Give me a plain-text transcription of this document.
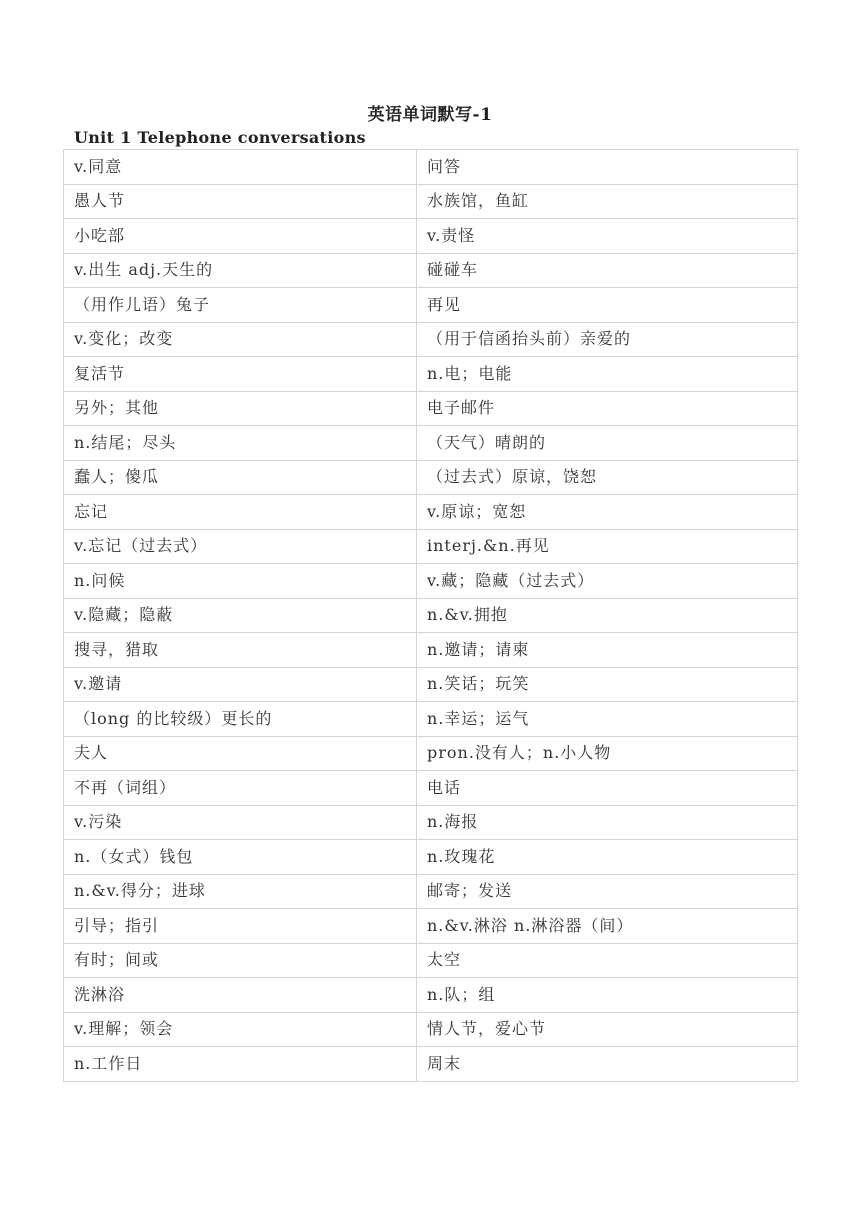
英语单词默写-1
Unit 1 Telephone conversations
v.同意	问答
愚人节	水族馆，鱼缸
小吃部	v.责怪
v.出生 adj.天生的	碰碰车
（用作儿语）兔子	再见
v.变化；改变	（用于信函抬头前）亲爱的
复活节	n.电；电能
另外；其他	电子邮件
n.结尾；尽头	（天气）晴朗的
蠢人；傻瓜	（过去式）原谅，饶恕
忘记	v.原谅；宽恕
v.忘记（过去式）	interj.&n.再见
n.问候	v.藏；隐藏（过去式）
v.隐藏；隐蔽	n.&v.拥抱
搜寻，猎取	n.邀请；请柬
v.邀请	n.笑话；玩笑
（long 的比较级）更长的	n.幸运；运气
夫人	pron.没有人；n.小人物
不再（词组）	电话
v.污染	n.海报
n.（女式）钱包	n.玫瑰花
n.&v.得分；进球	邮寄；发送
引导；指引	n.&v.淋浴 n.淋浴器（间）
有时；间或	太空
洗淋浴	n.队；组
v.理解；领会	情人节，爱心节
n.工作日	周末
